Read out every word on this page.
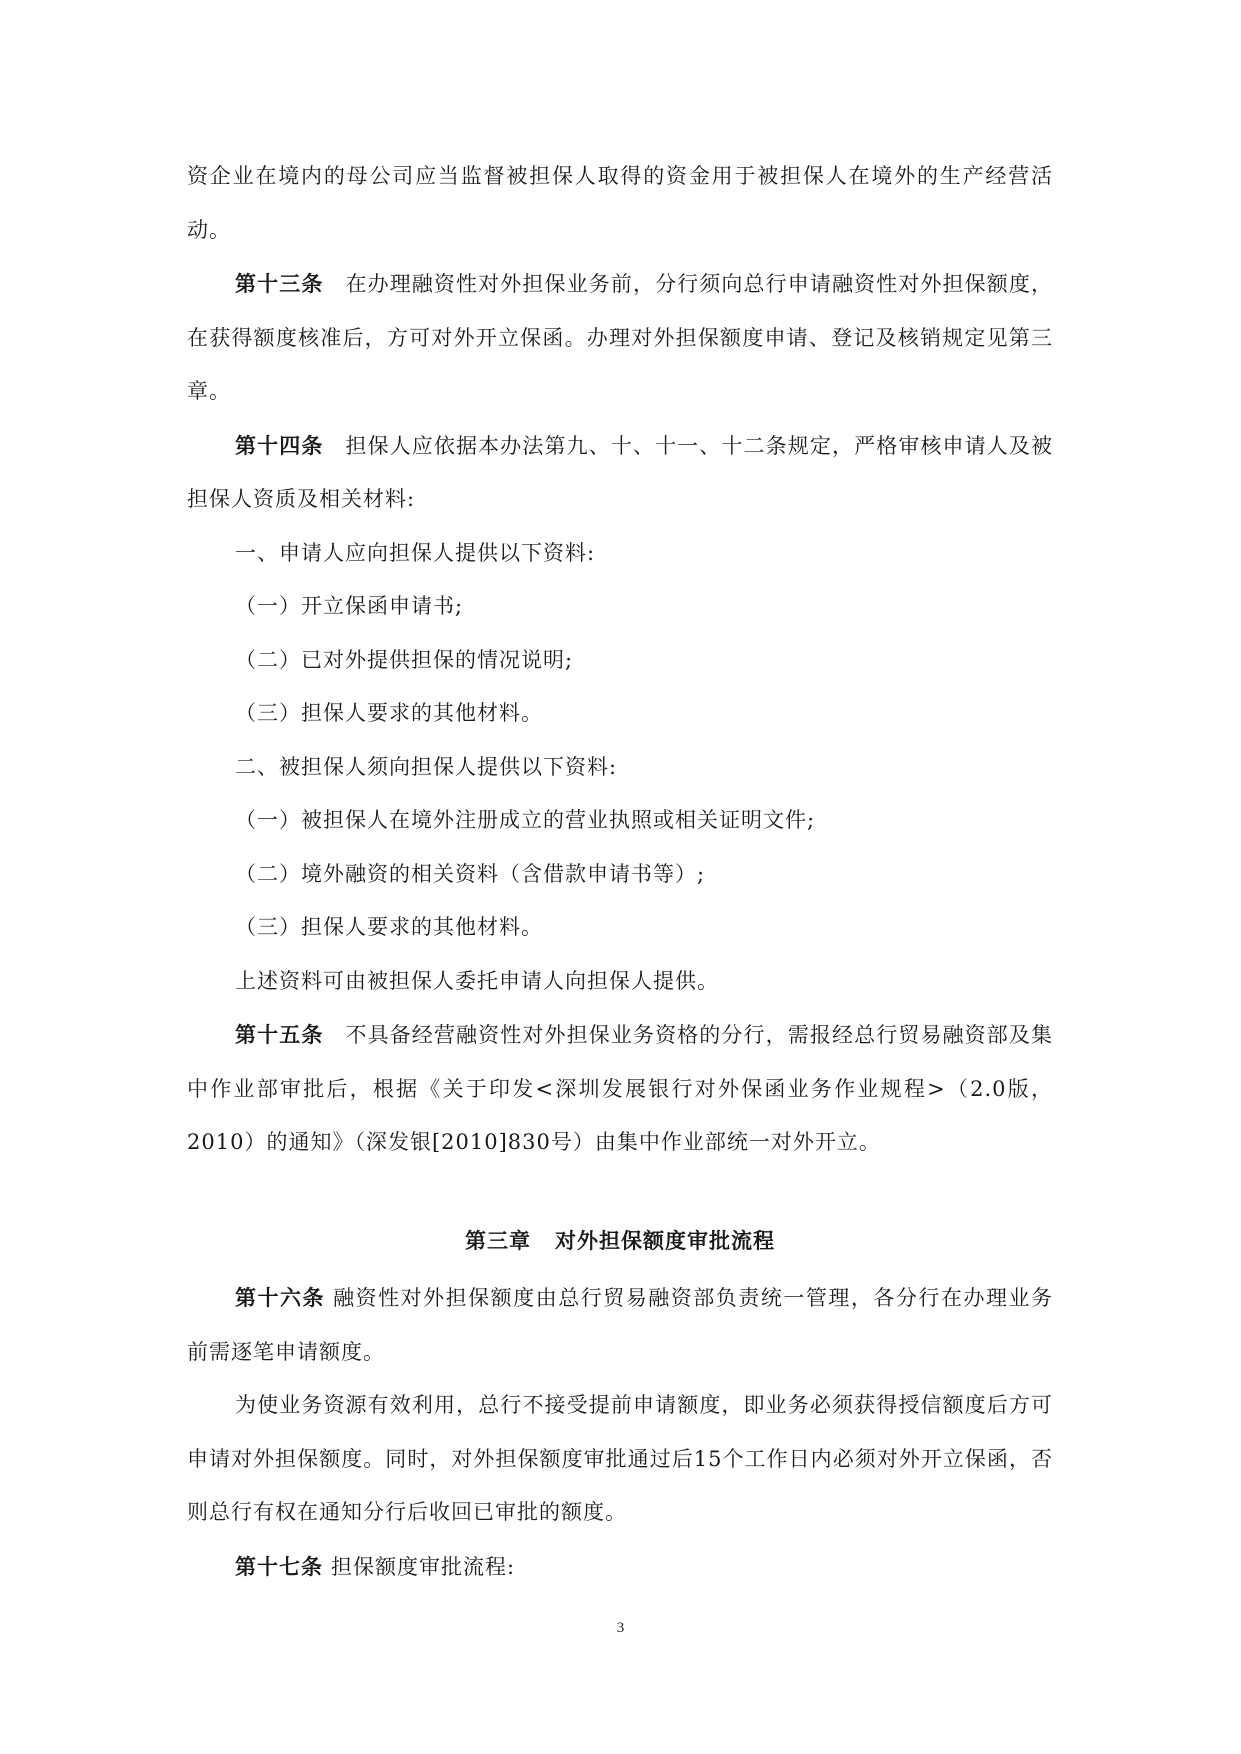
资企业在境内的母公司应当监督被担保人取得的资金用于被担保人在境外的生产经营活动。

第十三条 在办理融资性对外担保业务前，分行须向总行申请融资性对外担保额度，在获得额度核准后，方可对外开立保函。办理对外担保额度申请、登记及核销规定见第三章。

第十四条 担保人应依据本办法第九、十、十一、十二条规定，严格审核申请人及被担保人资质及相关材料:

一、申请人应向担保人提供以下资料:

（一）开立保函申请书;

（二）已对外提供担保的情况说明;

（三）担保人要求的其他材料。

二、被担保人须向担保人提供以下资料:

（一）被担保人在境外注册成立的营业执照或相关证明文件;

（二）境外融资的相关资料（含借款申请书等）;

（三）担保人要求的其他材料。

上述资料可由被担保人委托申请人向担保人提供。

第十五条 不具备经营融资性对外担保业务资格的分行，需报经总行贸易融资部及集中作业部审批后，根据《关于印发<深圳发展银行对外保函业务作业规程>（2.0版，2010）的通知》（深发银[2010]830号）由集中作业部统一对外开立。

第三章 对外担保额度审批流程

第十六条 融资性对外担保额度由总行贸易融资部负责统一管理，各分行在办理业务前需逐笔申请额度。

为使业务资源有效利用，总行不接受提前申请额度，即业务必须获得授信额度后方可申请对外担保额度。同时，对外担保额度审批通过后15个工作日内必须对外开立保函，否则总行有权在通知分行后收回已审批的额度。

第十七条 担保额度审批流程:

3
